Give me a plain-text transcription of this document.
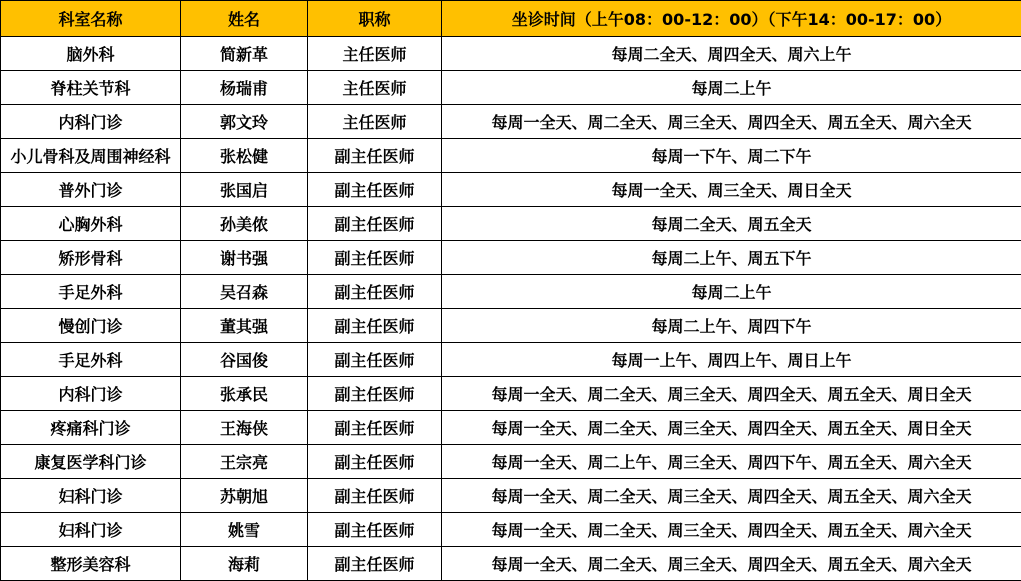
科室名称	姓名	职称	坐诊时间（上午08：00-12：00）（下午14：00-17：00）
脑外科	简新革	主任医师	每周二全天、周四全天、周六上午
脊柱关节科	杨瑞甫	主任医师	每周二上午
内科门诊	郭文玲	主任医师	每周一全天、周二全天、周三全天、周四全天、周五全天、周六全天
小儿骨科及周围神经科	张松健	副主任医师	每周一下午、周二下午
普外门诊	张国启	副主任医师	每周一全天、周三全天、周日全天
心胸外科	孙美侬	副主任医师	每周二全天、周五全天
矫形骨科	谢书强	副主任医师	每周二上午、周五下午
手足外科	吴召森	副主任医师	每周二上午
慢创门诊	董其强	副主任医师	每周二上午、周四下午
手足外科	谷国俊	副主任医师	每周一上午、周四上午、周日上午
内科门诊	张承民	副主任医师	每周一全天、周二全天、周三全天、周四全天、周五全天、周日全天
疼痛科门诊	王海侠	副主任医师	每周一全天、周二全天、周三全天、周四全天、周五全天、周日全天
康复医学科门诊	王宗亮	副主任医师	每周一全天、周二上午、周三全天、周四下午、周五全天、周六全天
妇科门诊	苏朝旭	副主任医师	每周一全天、周二全天、周三全天、周四全天、周五全天、周六全天
妇科门诊	姚雪	副主任医师	每周一全天、周二全天、周三全天、周四全天、周五全天、周六全天
整形美容科	海莉	副主任医师	每周一全天、周二全天、周三全天、周四全天、周五全天、周六全天
